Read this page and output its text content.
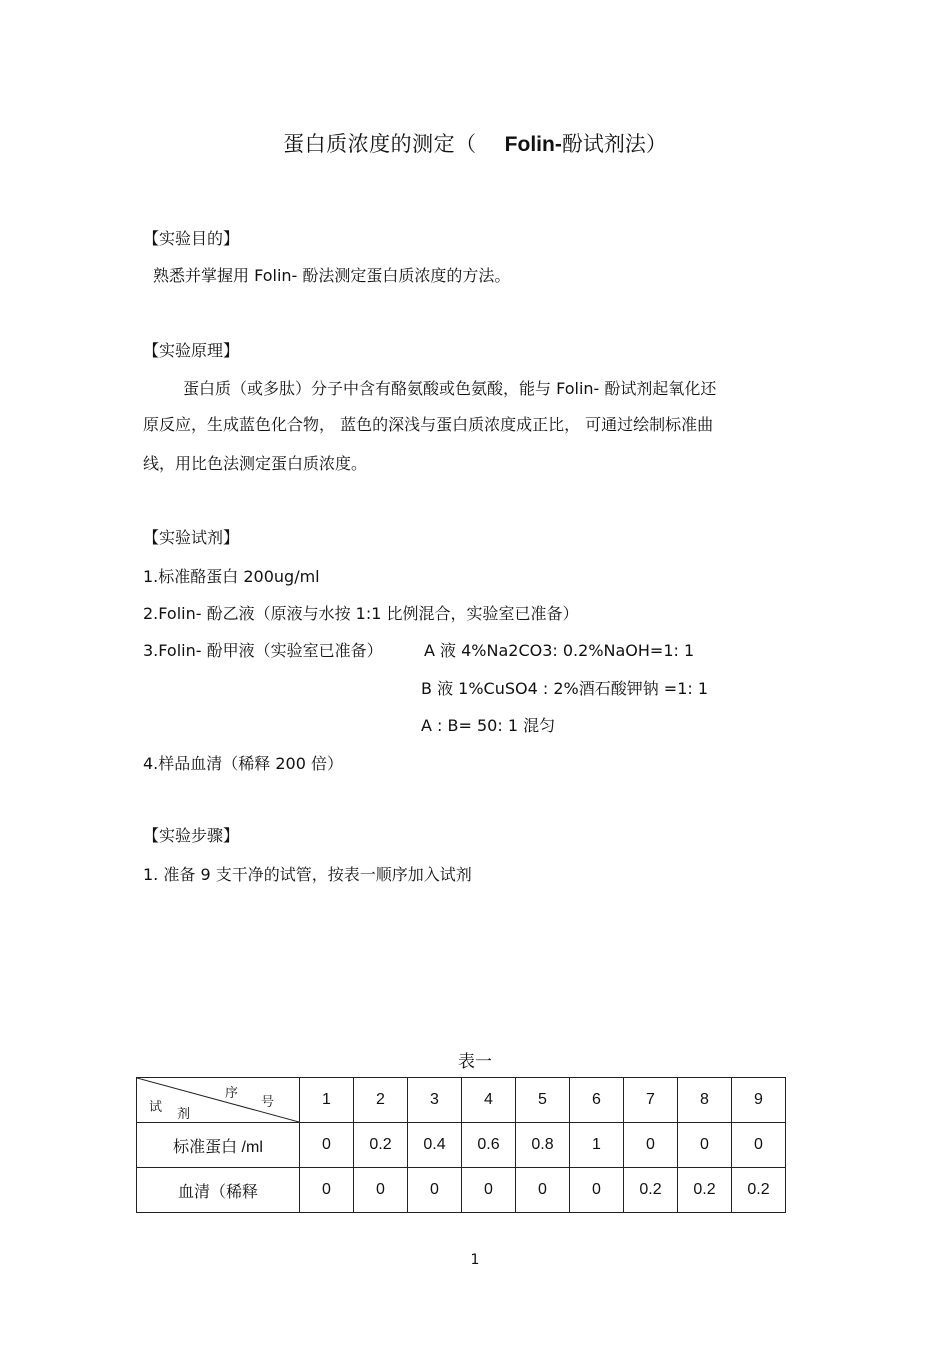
蛋白质浓度的测定（ Folin-酚试剂法）
【实验目的】
熟悉并掌握用 Folin- 酚法测定蛋白质浓度的方法。
【实验原理】
蛋白质（或多肽）分子中含有酪氨酸或色氨酸，能与 Folin- 酚试剂起氧化还
原反应，生成蓝色化合物， 蓝色的深浅与蛋白质浓度成正比， 可通过绘制标准曲
线，用比色法测定蛋白质浓度。
【实验试剂】
1.标准酪蛋白 200ug/ml
2.Folin- 酚乙液（原液与水按 1:1 比例混合，实验室已准备）
3.Folin- 酚甲液（实验室已准备）	A 液 4%Na2CO3: 0.2%NaOH=1: 1
B 液 1%CuSO4 : 2%酒石酸钾钠 =1: 1
A : B= 50: 1 混匀
4.样品血清（稀释 200 倍）
【实验步骤】
1. 准备 9 支干净的试管，按表一顺序加入试剂
表一
序
号
试 剂	1	2	3	4	5	6	7	8	9
标准蛋白 /ml	0	0.2	0.4	0.6	0.8	1	0	0	0
血清（稀释	0	0	0	0	0	0	0.2	0.2	0.2
1
